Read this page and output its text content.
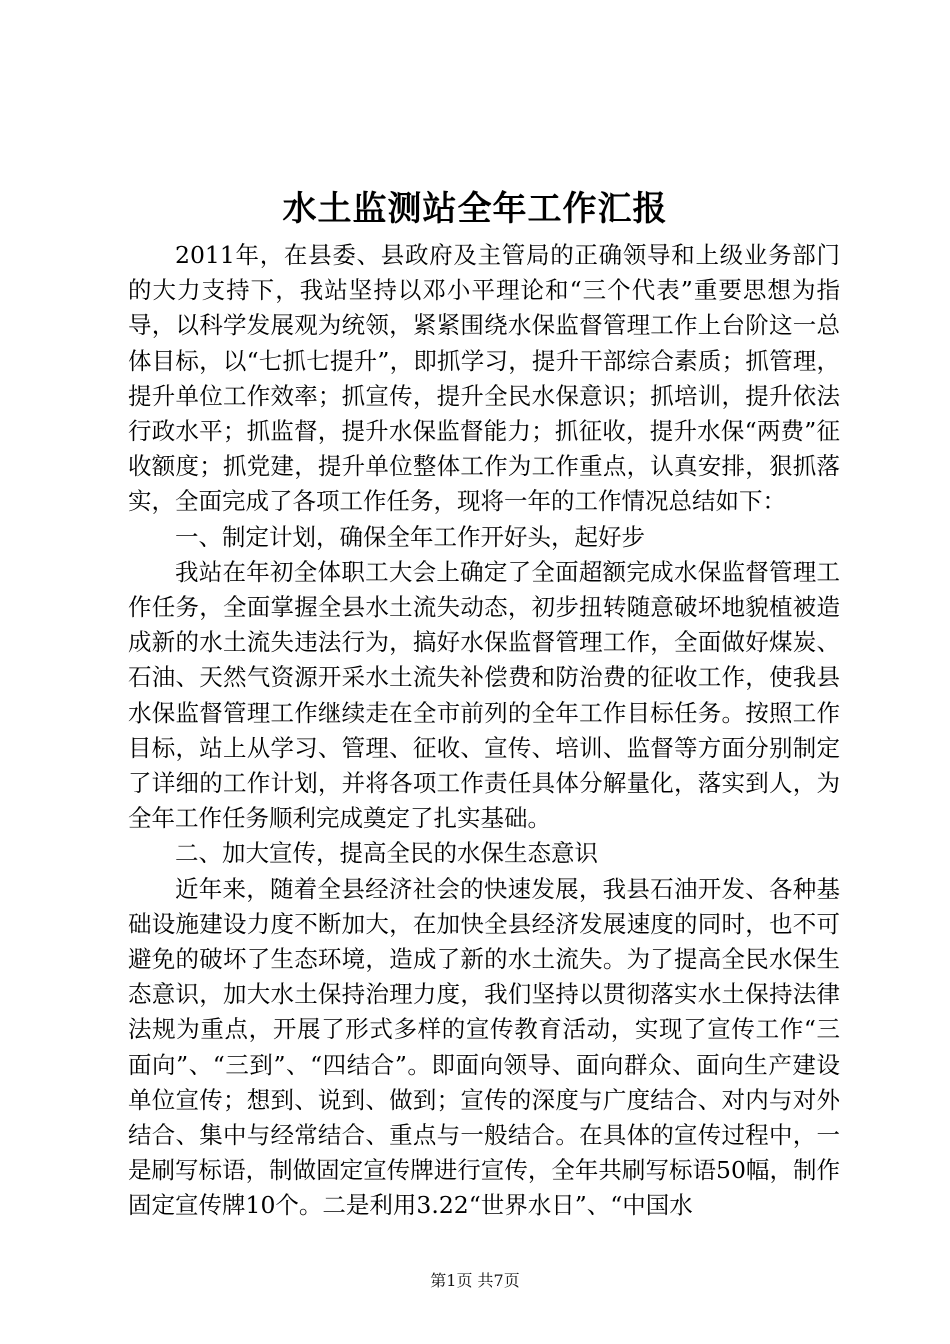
水土监测站全年工作汇报

2011年，在县委、县政府及主管局的正确领导和上级业务部门的大力支持下，我站坚持以邓小平理论和“三个代表”重要思想为指导，以科学发展观为统领，紧紧围绕水保监督管理工作上台阶这一总体目标，以“七抓七提升”，即抓学习，提升干部综合素质；抓管理，提升单位工作效率；抓宣传，提升全民水保意识；抓培训，提升依法行政水平；抓监督，提升水保监督能力；抓征收，提升水保“两费”征收额度；抓党建，提升单位整体工作为工作重点，认真安排，狠抓落实，全面完成了各项工作任务，现将一年的工作情况总结如下：

一、制定计划，确保全年工作开好头，起好步

我站在年初全体职工大会上确定了全面超额完成水保监督管理工作任务，全面掌握全县水土流失动态，初步扭转随意破坏地貌植被造成新的水土流失违法行为，搞好水保监督管理工作，全面做好煤炭、石油、天然气资源开采水土流失补偿费和防治费的征收工作，使我县水保监督管理工作继续走在全市前列的全年工作目标任务。按照工作目标，站上从学习、管理、征收、宣传、培训、监督等方面分别制定了详细的工作计划，并将各项工作责任具体分解量化，落实到人，为全年工作任务顺利完成奠定了扎实基础。

二、加大宣传，提高全民的水保生态意识

近年来，随着全县经济社会的快速发展，我县石油开发、各种基础设施建设力度不断加大，在加快全县经济发展速度的同时，也不可避免的破坏了生态环境，造成了新的水土流失。为了提高全民水保生态意识，加大水土保持治理力度，我们坚持以贯彻落实水土保持法律法规为重点，开展了形式多样的宣传教育活动，实现了宣传工作“三面向”、“三到”、“四结合”。即面向领导、面向群众、面向生产建设单位宣传；想到、说到、做到；宣传的深度与广度结合、对内与对外结合、集中与经常结合、重点与一般结合。在具体的宣传过程中，一是刷写标语，制做固定宣传牌进行宣传，全年共刷写标语50幅，制作固定宣传牌10个。二是利用3.22“世界水日”、“中国水

第1页 共7页
